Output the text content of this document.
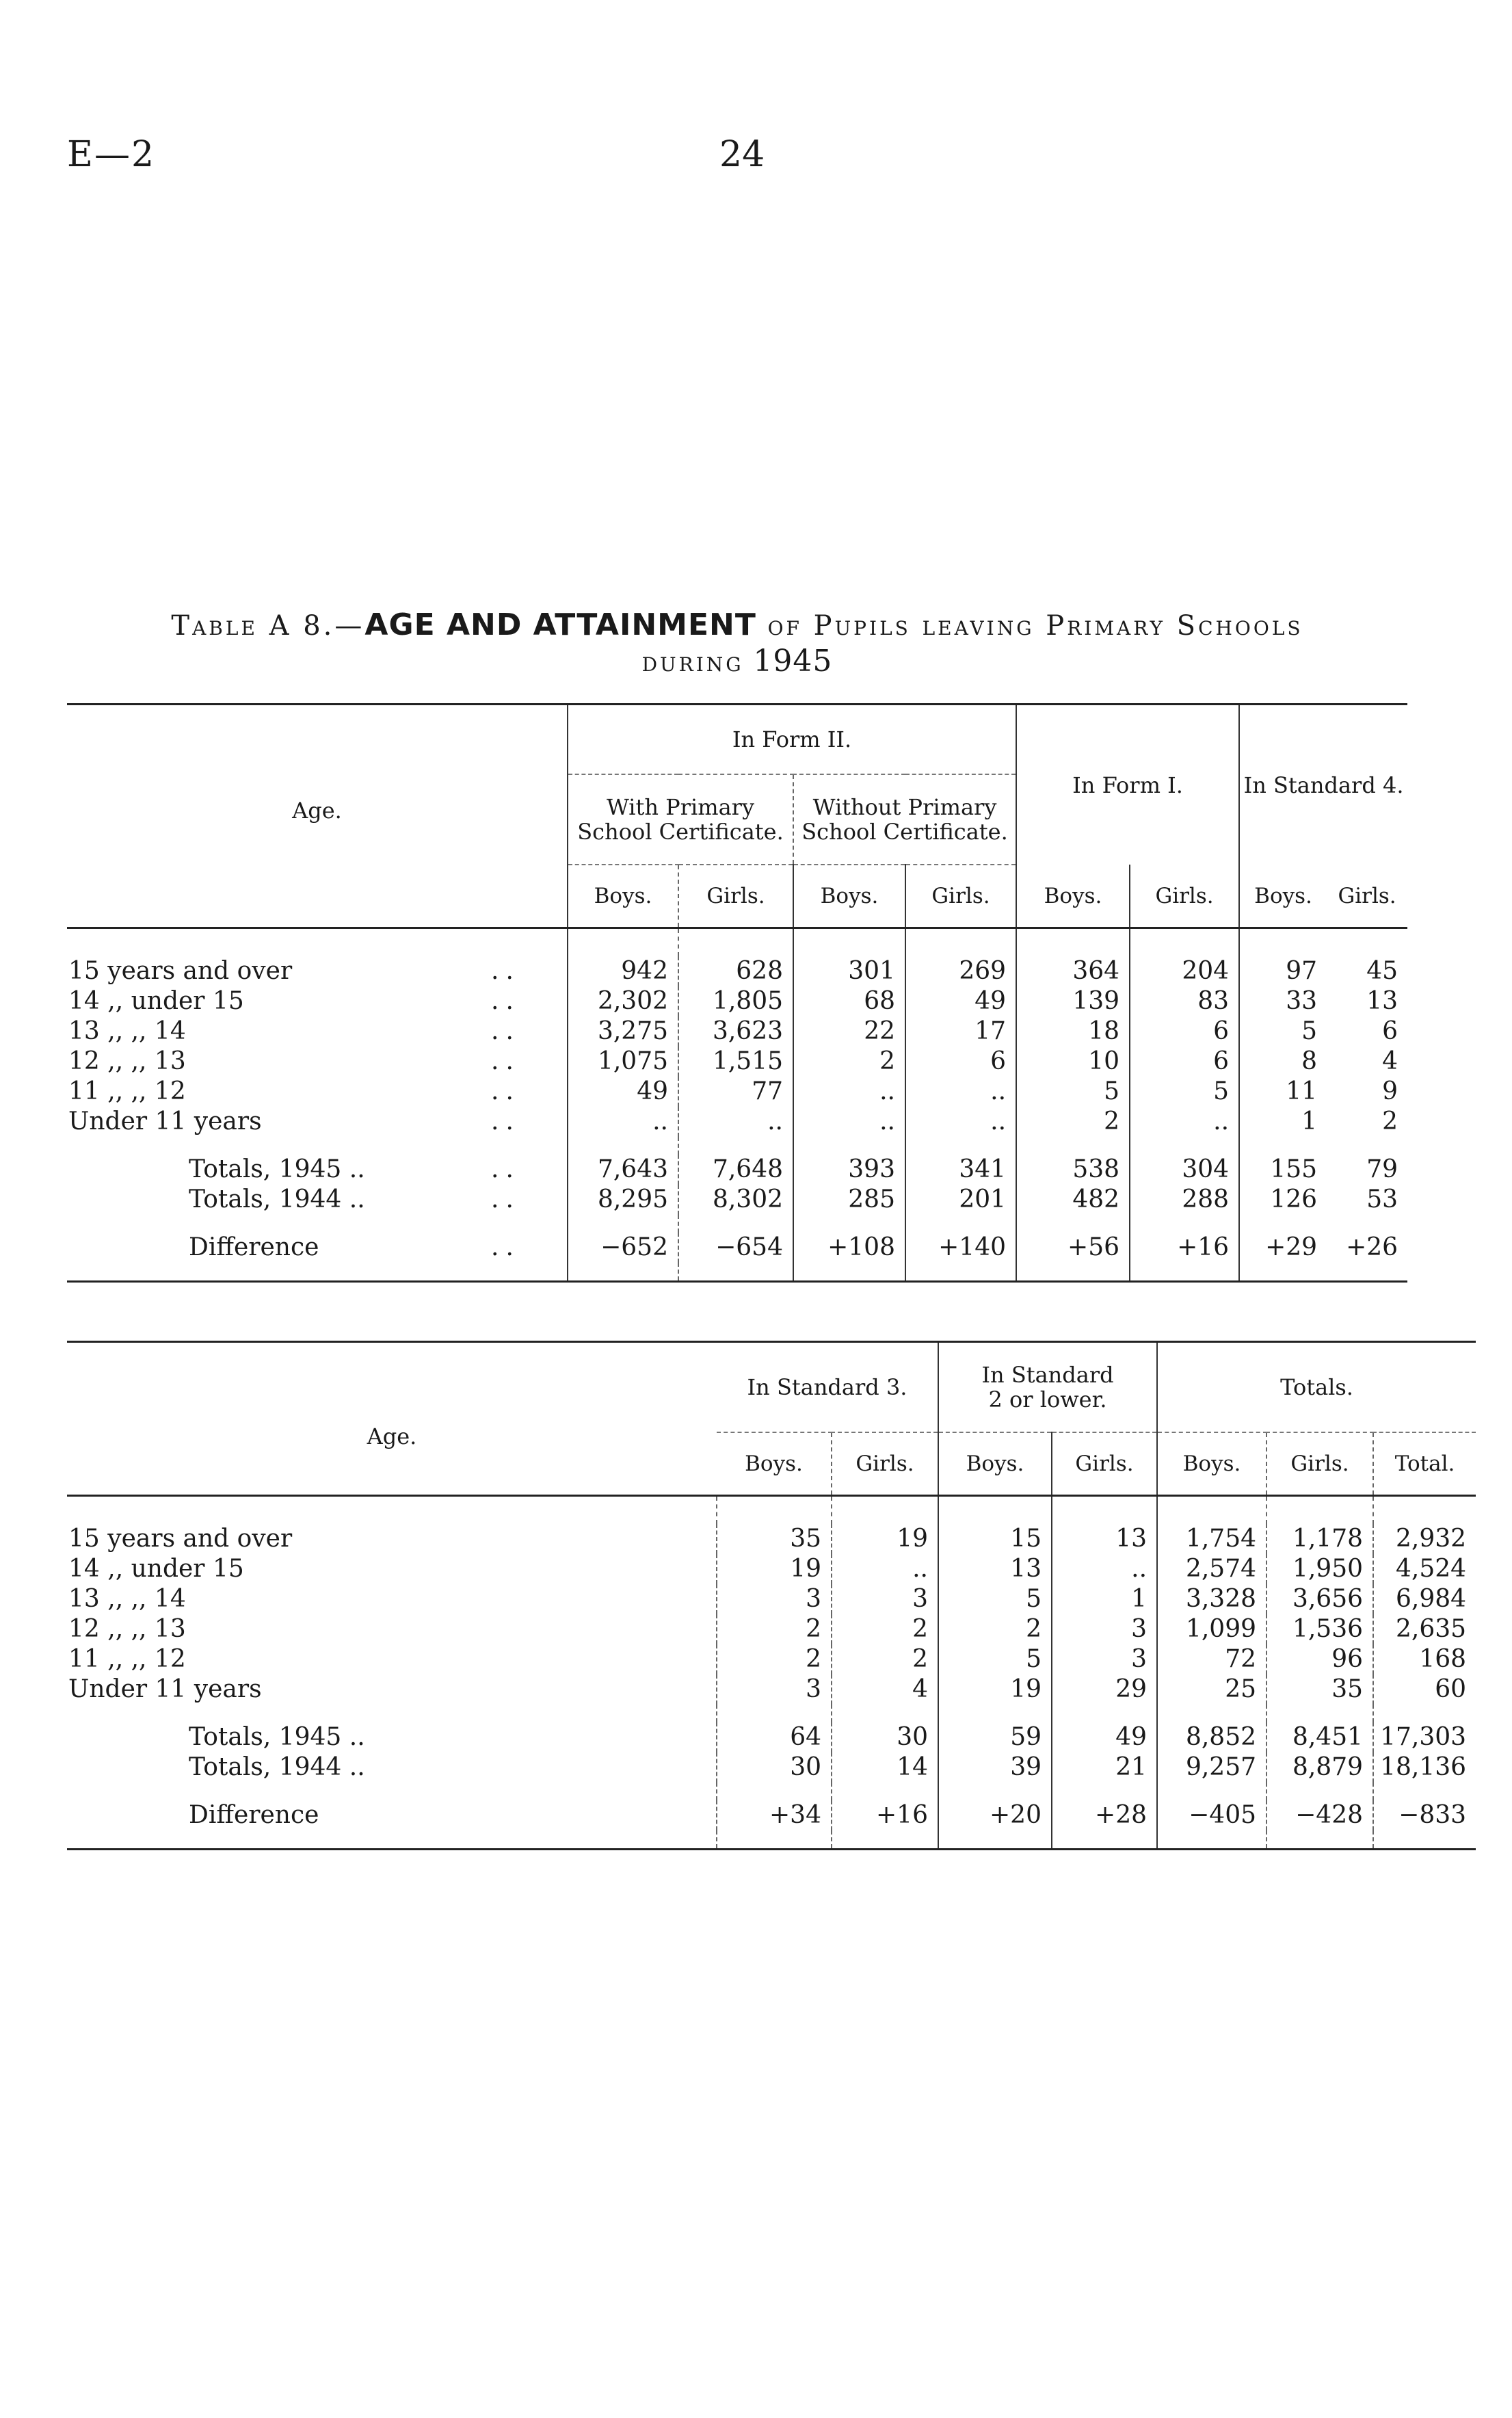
E—2	24
Table A 8.—AGE AND ATTAINMENT of Pupils leaving Primary Schools
during 1945
		In Form II.				In Form I.		In Standard 4.	
		With Primary School Certificate.		Without Primary School Certificate.					
Age.		Boys.	Girls.	Boys.	Girls.	Boys.	Girls.	Boys.	Girls.

15 years and over	..	942	628	301	269	364	204	97	45
14 ,, under 15	..	2,302	1,805	68	49	139	83	33	13
13 ,, ,, 14	..	3,275	3,623	22	17	18	6	5	6
12 ,, ,, 13	..	1,075	1,515	2	6	10	6	8	4
11 ,, ,, 12	..	49	77	..	..	5	5	11	9
Under 11 years	..	..	..	..	..	2	..	1	2

Totals, 1945 ..	..	7,643	7,648	393	341	538	304	155	79
Totals, 1944 ..	..	8,295	8,302	285	201	482	288	126	53

Difference	..	−652	−654	+108	+140	+56	+16	+29	+26

		In Standard 3.		In Standard 2 or lower.		Totals.		
Age.		Boys.	Girls.	Boys.	Girls.	Boys.	Girls.	Total.

15 years and over		35	19	15	13	1,754	1,178	2,932
14 ,, under 15		19	..	13	..	2,574	1,950	4,524
13 ,, ,, 14		3	3	5	1	3,328	3,656	6,984
12 ,, ,, 13		2	2	2	3	1,099	1,536	2,635
11 ,, ,, 12		2	2	5	3	72	96	168
Under 11 years		3	4	19	29	25	35	60

Totals, 1945 ..		64	30	59	49	8,852	8,451	17,303
Totals, 1944 ..		30	14	39	21	9,257	8,879	18,136

Difference		+34	+16	+20	+28	−405	−428	−833
